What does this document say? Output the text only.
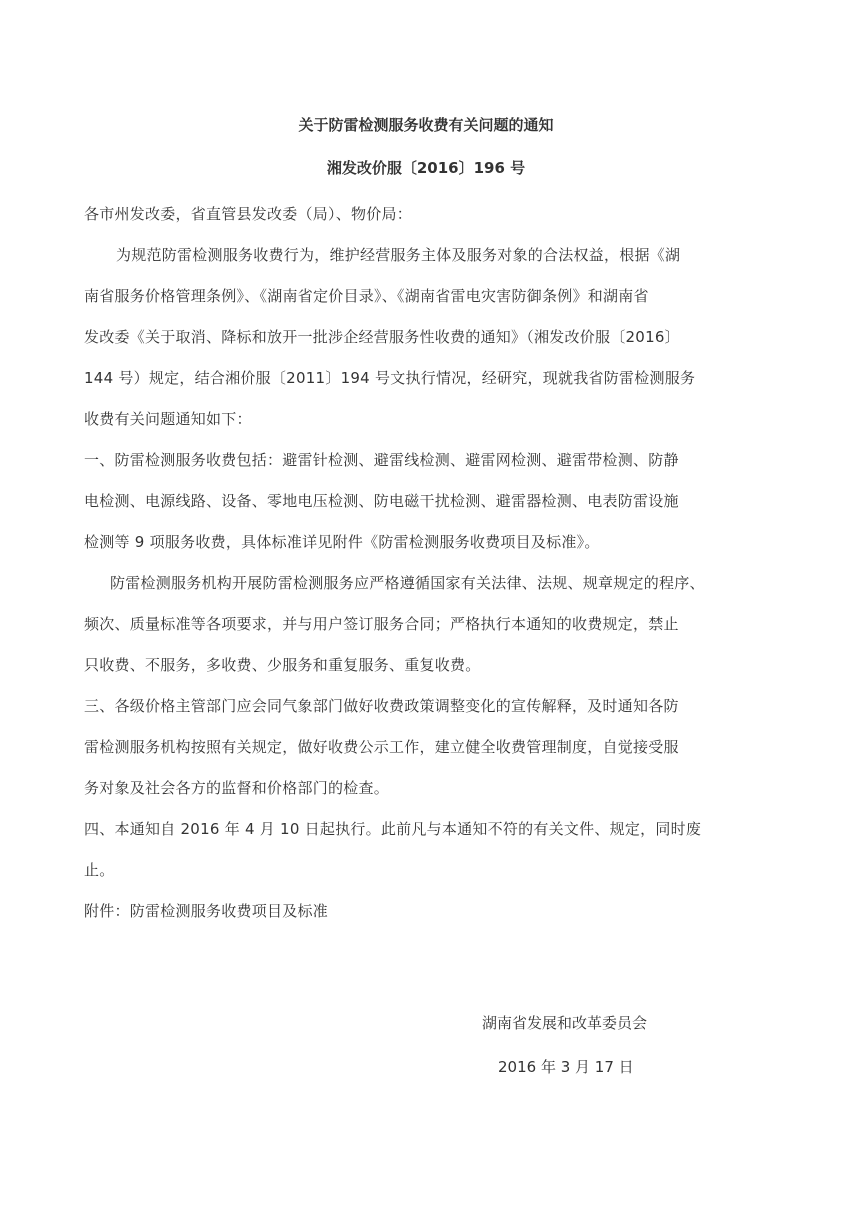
关于防雷检测服务收费有关问题的通知
湘发改价服〔2016〕196 号
各市州发改委，省直管县发改委（局）、物价局：
为规范防雷检测服务收费行为，维护经营服务主体及服务对象的合法权益，根据《湖
南省服务价格管理条例》、《湖南省定价目录》、《湖南省雷电灾害防御条例》和湖南省
发改委《关于取消、降标和放开一批涉企经营服务性收费的通知》（湘发改价服〔2016〕
144 号）规定，结合湘价服〔2011〕194 号文执行情况，经研究，现就我省防雷检测服务
收费有关问题通知如下：
一、防雷检测服务收费包括：避雷针检测、避雷线检测、避雷网检测、避雷带检测、防静
电检测、电源线路、设备、零地电压检测、防电磁干扰检测、避雷器检测、电表防雷设施
检测等 9 项服务收费，具体标准详见附件《防雷检测服务收费项目及标准》。
防雷检测服务机构开展防雷检测服务应严格遵循国家有关法律、法规、规章规定的程序、
频次、质量标准等各项要求，并与用户签订服务合同；严格执行本通知的收费规定，禁止
只收费、不服务，多收费、少服务和重复服务、重复收费。
三、各级价格主管部门应会同气象部门做好收费政策调整变化的宣传解释，及时通知各防
雷检测服务机构按照有关规定，做好收费公示工作，建立健全收费管理制度，自觉接受服
务对象及社会各方的监督和价格部门的检查。
四、本通知自 2016 年 4 月 10 日起执行。此前凡与本通知不符的有关文件、规定，同时废
止。
附件：防雷检测服务收费项目及标准
湖南省发展和改革委员会
2016 年 3 月 17 日
